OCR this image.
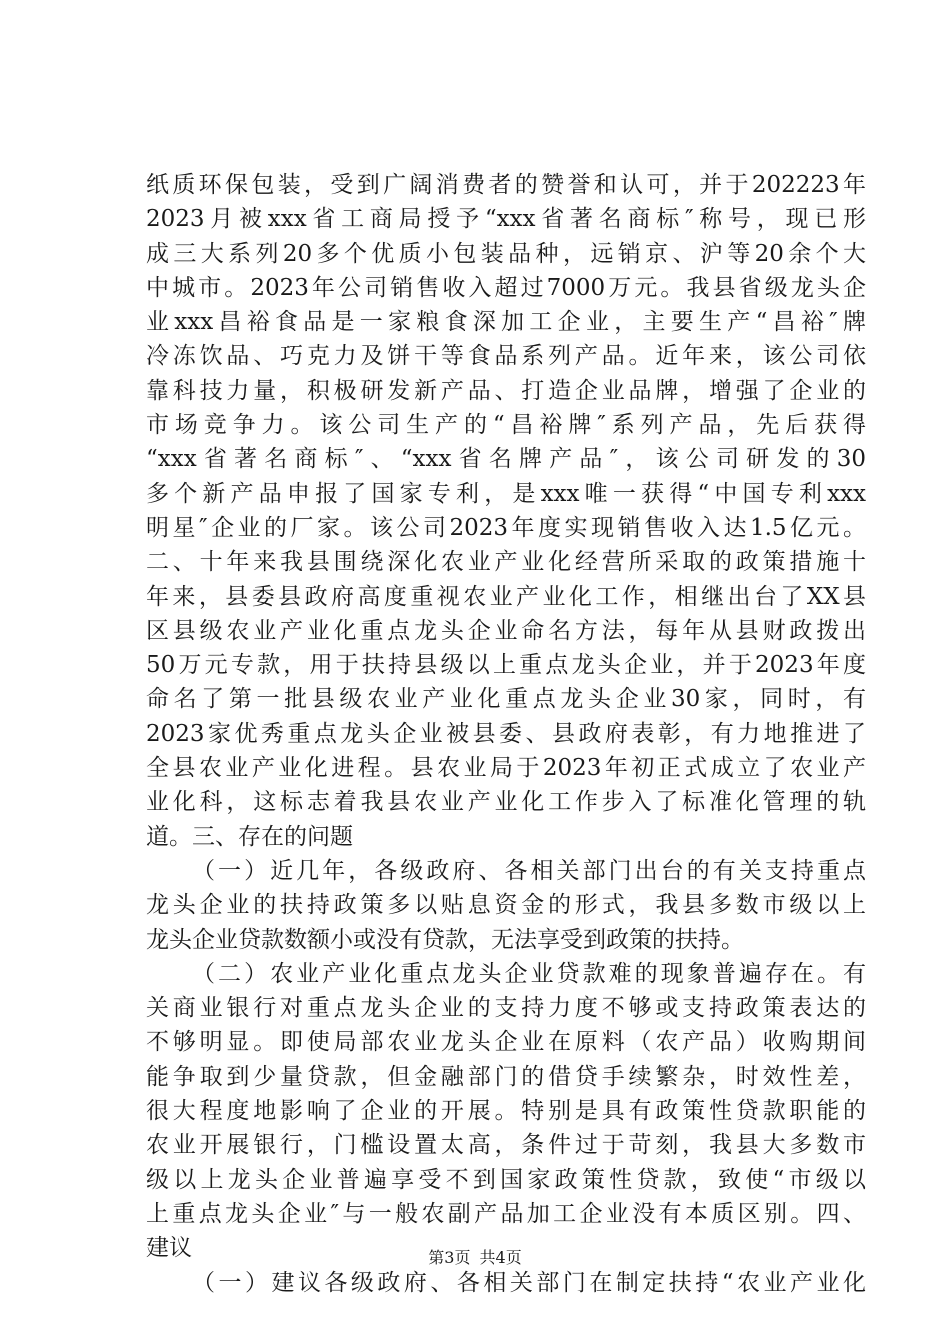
纸质环保包装，受到广阔消费者的赞誉和认可，并于202223年
2023月被xxx省工商局授予“xxx省著名商标″称号，现已形
成三大系列20多个优质小包装品种，远销京、沪等20余个大
中城市。2023年公司销售收入超过7000万元。我县省级龙头企
业xxx昌裕食品是一家粮食深加工企业，主要生产“昌裕″牌
冷冻饮品、巧克力及饼干等食品系列产品。近年来，该公司依
靠科技力量，积极研发新产品、打造企业品牌，增强了企业的
市场竞争力。该公司生产的“昌裕牌″系列产品，先后获得
“xxx省著名商标″、“xxx省名牌产品″，该公司研发的30
多个新产品申报了国家专利，是xxx唯一获得“中国专利xxx
明星″企业的厂家。该公司2023年度实现销售收入达1.5亿元。
二、十年来我县围绕深化农业产业化经营所采取的政策措施十
年来，县委县政府高度重视农业产业化工作，相继出台了XX县
区县级农业产业化重点龙头企业命名方法，每年从县财政拨出
50万元专款，用于扶持县级以上重点龙头企业，并于2023年度
命名了第一批县级农业产业化重点龙头企业30家，同时，有
2023家优秀重点龙头企业被县委、县政府表彰，有力地推进了
全县农业产业化进程。县农业局于2023年初正式成立了农业产
业化科，这标志着我县农业产业化工作步入了标准化管理的轨
道。三、存在的问题
（一）近几年，各级政府、各相关部门出台的有关支持重点
龙头企业的扶持政策多以贴息资金的形式，我县多数市级以上
龙头企业贷款数额小或没有贷款，无法享受到政策的扶持。
（二）农业产业化重点龙头企业贷款难的现象普遍存在。有
关商业银行对重点龙头企业的支持力度不够或支持政策表达的
不够明显。即使局部农业龙头企业在原料（农产品）收购期间
能争取到少量贷款，但金融部门的借贷手续繁杂，时效性差，
很大程度地影响了企业的开展。特别是具有政策性贷款职能的
农业开展银行，门槛设置太高，条件过于苛刻，我县大多数市
级以上龙头企业普遍享受不到国家政策性贷款，致使“市级以
上重点龙头企业″与一般农副产品加工企业没有本质区别。四、
建议
（一）建议各级政府、各相关部门在制定扶持“农业产业化
第3页 共4页
